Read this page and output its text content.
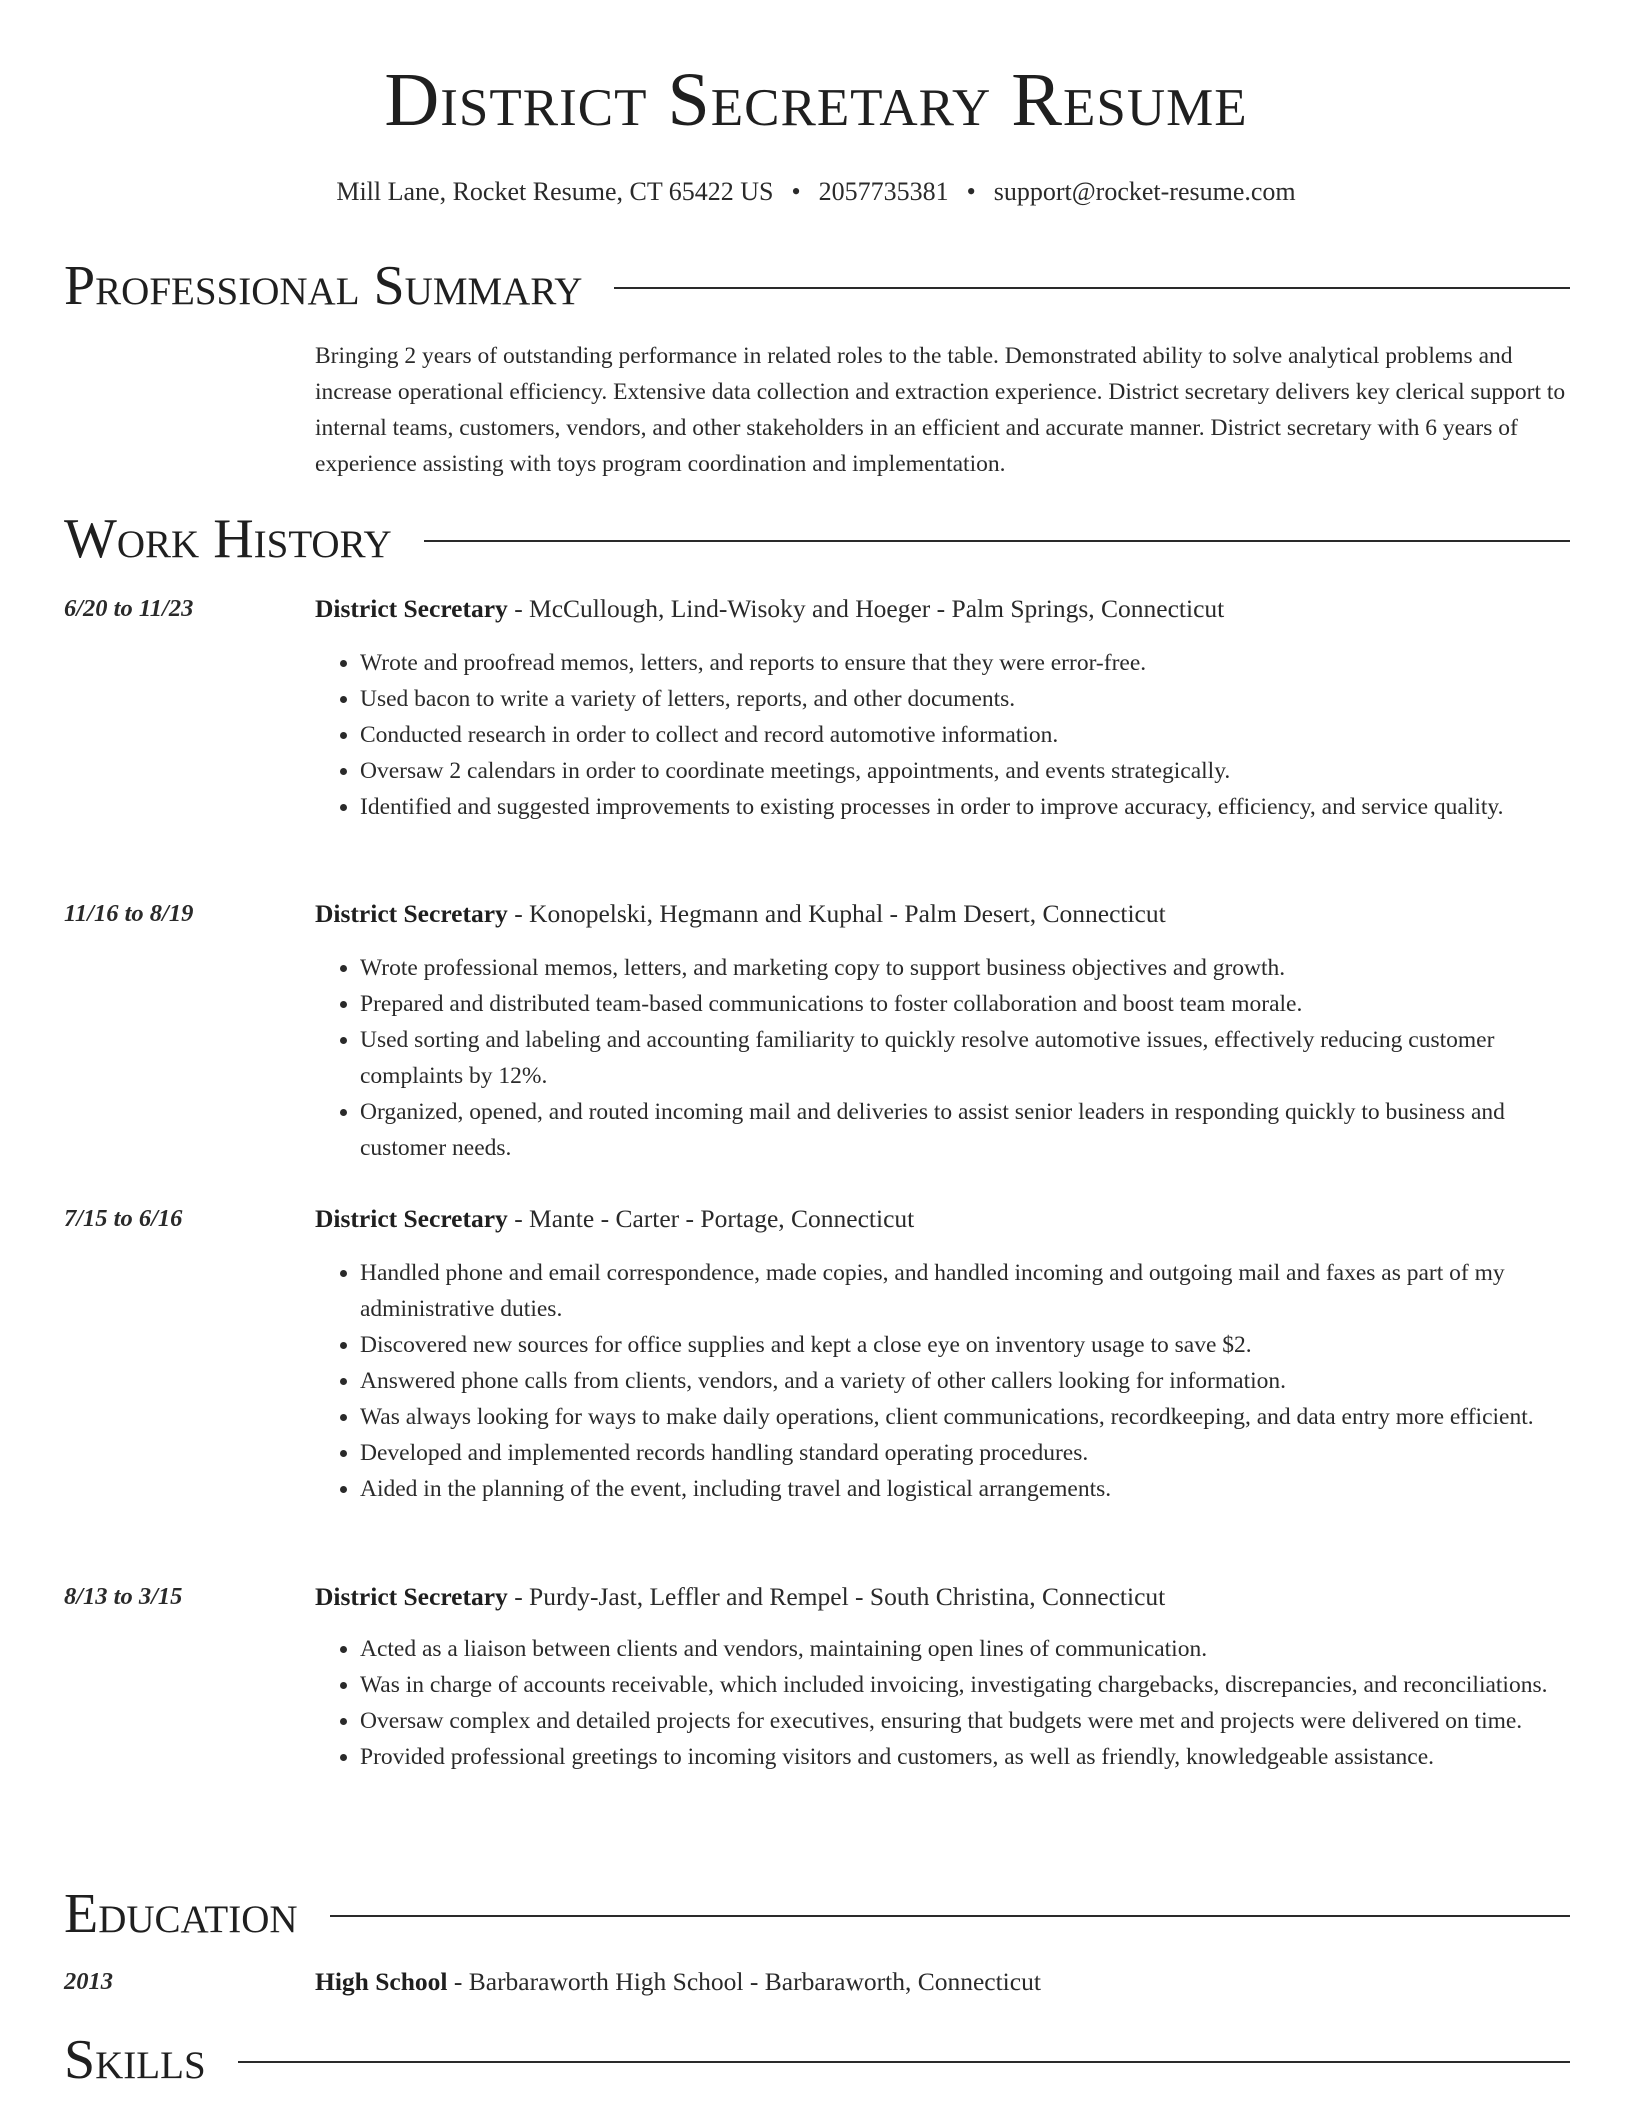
District Secretary Resume
Mill Lane, Rocket Resume, CT 65422 US • 2057735381 • support@rocket-resume.com
Professional Summary

Bringing 2 years of outstanding performance in related roles to the table. Demonstrated ability to solve analytical problems and increase operational efficiency. Extensive data collection and extraction experience. District secretary delivers key clerical support to internal teams, customers, vendors, and other stakeholders in an efficient and accurate manner. District secretary with 6 years of experience assisting with toys program coordination and implementation.

Work History
6/20 to 11/23	District Secretary - McCullough, Lind-Wisoky and Hoeger - Palm Springs, Connecticut
• Wrote and proofread memos, letters, and reports to ensure that they were error-free.
• Used bacon to write a variety of letters, reports, and other documents.
• Conducted research in order to collect and record automotive information.
• Oversaw 2 calendars in order to coordinate meetings, appointments, and events strategically.
• Identified and suggested improvements to existing processes in order to improve accuracy, efficiency, and service quality.
11/16 to 8/19	District Secretary - Konopelski, Hegmann and Kuphal - Palm Desert, Connecticut
• Wrote professional memos, letters, and marketing copy to support business objectives and growth.
• Prepared and distributed team-based communications to foster collaboration and boost team morale.
• Used sorting and labeling and accounting familiarity to quickly resolve automotive issues, effectively reducing customer complaints by 12%.
• Organized, opened, and routed incoming mail and deliveries to assist senior leaders in responding quickly to business and customer needs.
7/15 to 6/16	District Secretary - Mante - Carter - Portage, Connecticut
• Handled phone and email correspondence, made copies, and handled incoming and outgoing mail and faxes as part of my administrative duties.
• Discovered new sources for office supplies and kept a close eye on inventory usage to save $2.
• Answered phone calls from clients, vendors, and a variety of other callers looking for information.
• Was always looking for ways to make daily operations, client communications, recordkeeping, and data entry more efficient.
• Developed and implemented records handling standard operating procedures.
• Aided in the planning of the event, including travel and logistical arrangements.
8/13 to 3/15	District Secretary - Purdy-Jast, Leffler and Rempel - South Christina, Connecticut
• Acted as a liaison between clients and vendors, maintaining open lines of communication.
• Was in charge of accounts receivable, which included invoicing, investigating chargebacks, discrepancies, and reconciliations.
• Oversaw complex and detailed projects for executives, ensuring that budgets were met and projects were delivered on time.
• Provided professional greetings to incoming visitors and customers, as well as friendly, knowledgeable assistance.
Education
2013	High School - Barbaraworth High School - Barbaraworth, Connecticut
Skills
